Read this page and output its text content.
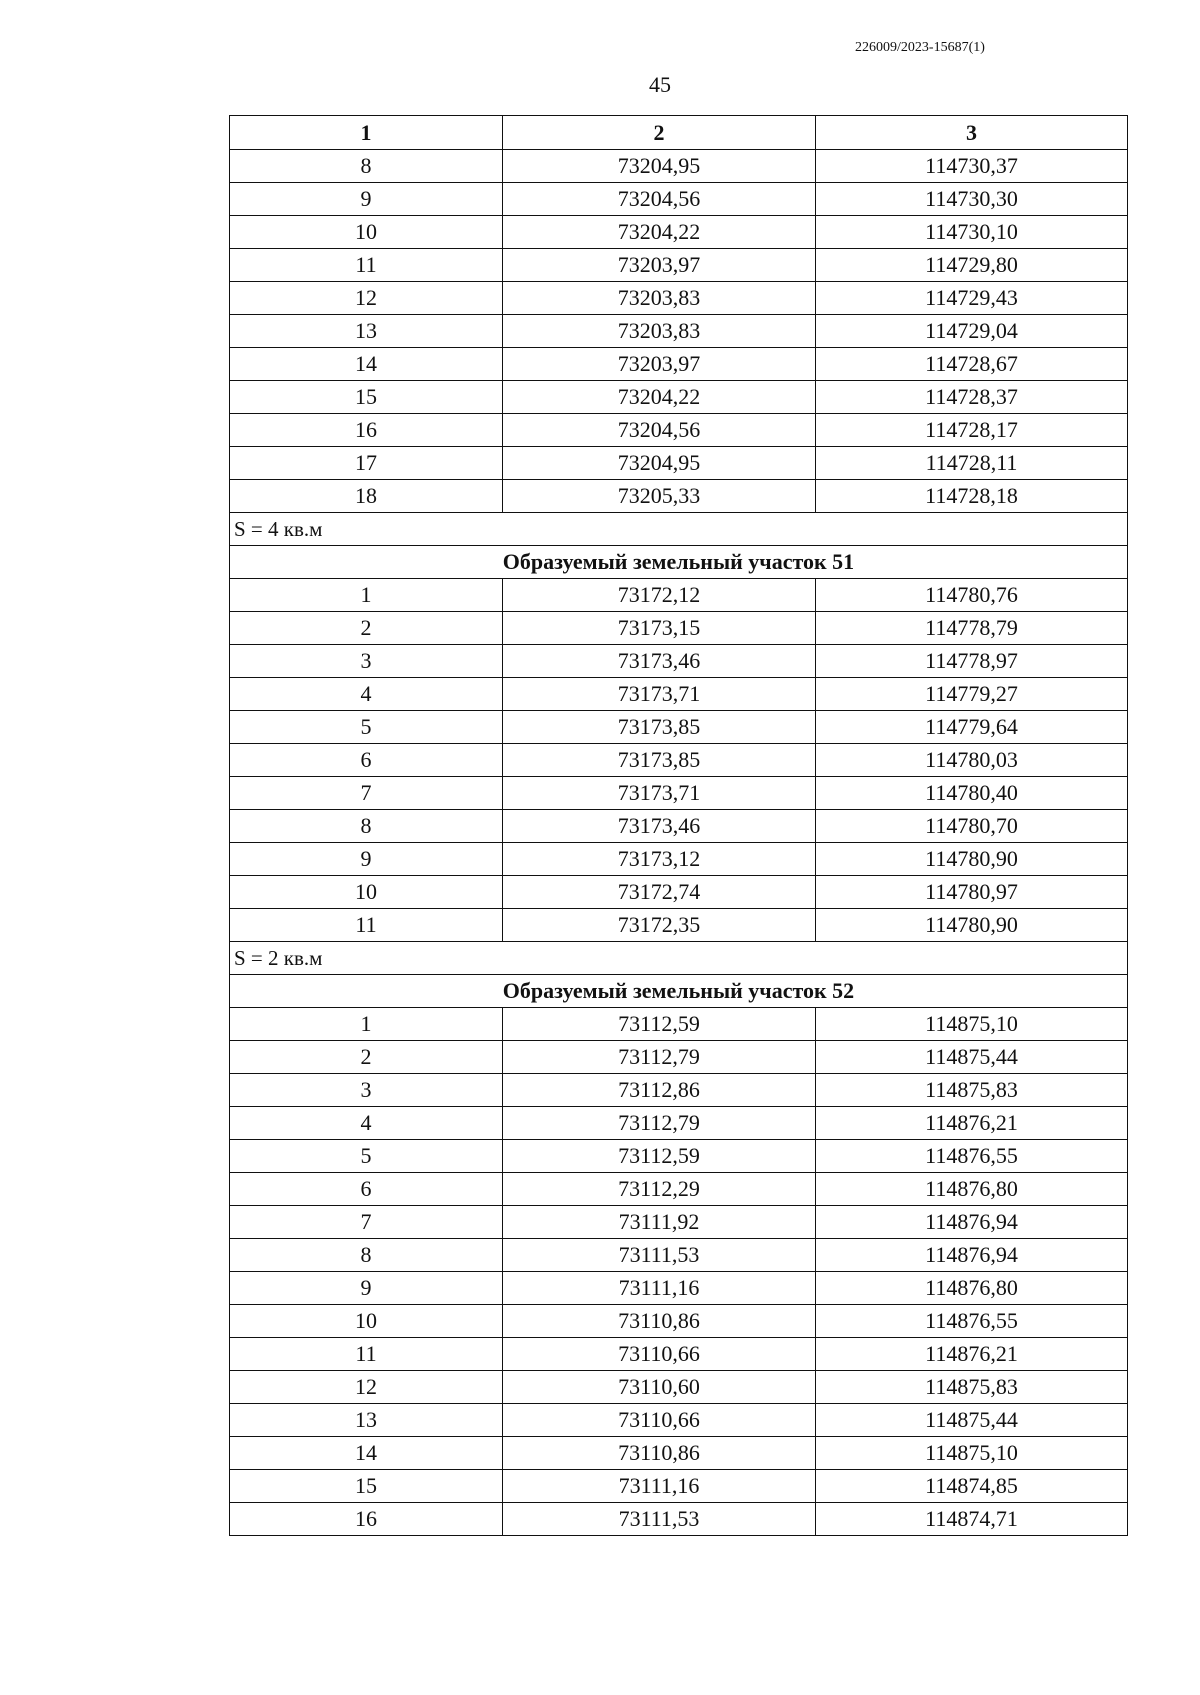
226009/2023-15687(1)
45
1	2	3
8	73204,95	114730,37
9	73204,56	114730,30
10	73204,22	114730,10
11	73203,97	114729,80
12	73203,83	114729,43
13	73203,83	114729,04
14	73203,97	114728,67
15	73204,22	114728,37
16	73204,56	114728,17
17	73204,95	114728,11
18	73205,33	114728,18
S = 4 кв.м		
Образуемый земельный участок 51		
1	73172,12	114780,76
2	73173,15	114778,79
3	73173,46	114778,97
4	73173,71	114779,27
5	73173,85	114779,64
6	73173,85	114780,03
7	73173,71	114780,40
8	73173,46	114780,70
9	73173,12	114780,90
10	73172,74	114780,97
11	73172,35	114780,90
S = 2 кв.м		
Образуемый земельный участок 52		
1	73112,59	114875,10
2	73112,79	114875,44
3	73112,86	114875,83
4	73112,79	114876,21
5	73112,59	114876,55
6	73112,29	114876,80
7	73111,92	114876,94
8	73111,53	114876,94
9	73111,16	114876,80
10	73110,86	114876,55
11	73110,66	114876,21
12	73110,60	114875,83
13	73110,66	114875,44
14	73110,86	114875,10
15	73111,16	114874,85
16	73111,53	114874,71
